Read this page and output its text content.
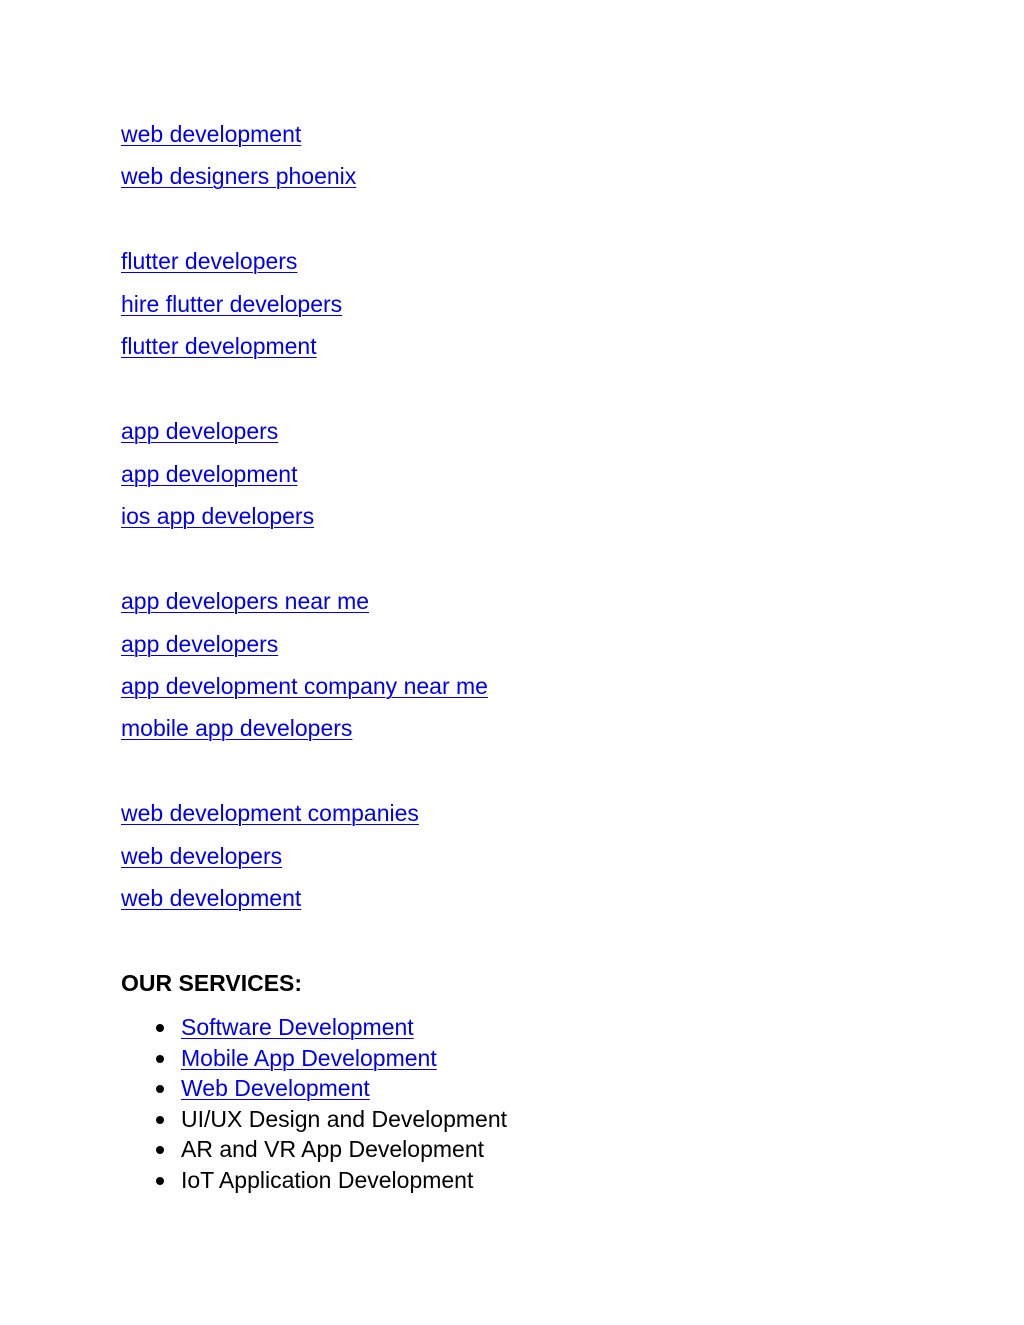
web development
web designers phoenix
flutter developers
hire flutter developers
flutter development
app developers
app development
ios app developers
app developers near me
app developers
app development company near me
mobile app developers
web development companies
web developers
web development
OUR SERVICES:
Software Development
Mobile App Development
Web Development
UI/UX Design and Development
AR and VR App Development
IoT Application Development
